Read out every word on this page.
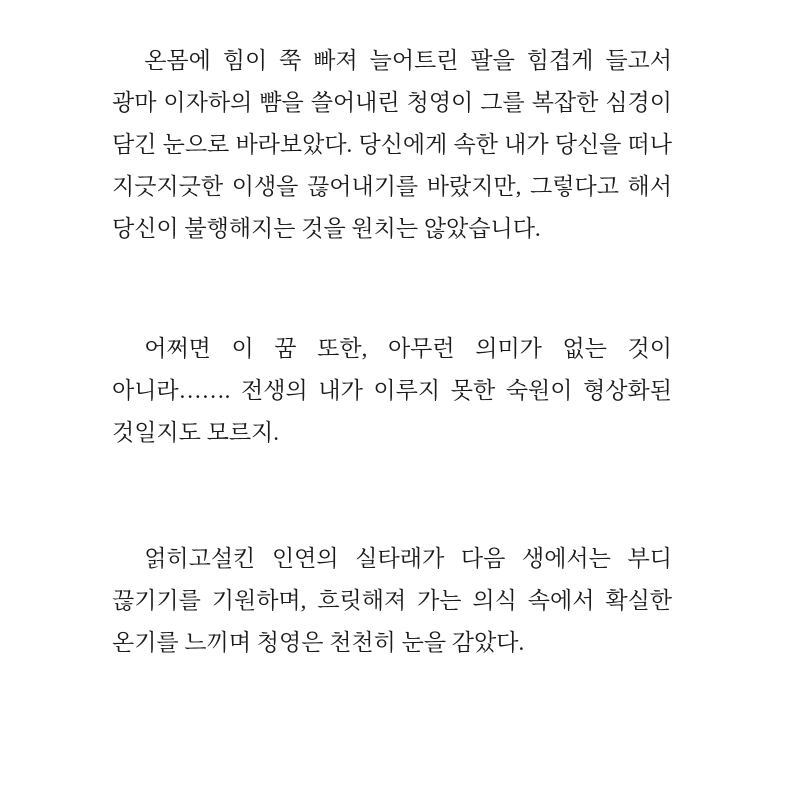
온몸에 힘이 쭉 빠져 늘어트린 팔을 힘겹게 들고서 광마 이자하의 뺨을 쓸어내린 청영이 그를 복잡한 심경이 담긴 눈으로 바라보았다. 당신에게 속한 내가 당신을 떠나 지긋지긋한 이생을 끊어내기를 바랐지만, 그렇다고 해서 당신이 불행해지는 것을 원치는 않았습니다.

어쩌면 이 꿈 또한, 아무런 의미가 없는 것이 아니라……. 전생의 내가 이루지 못한 숙원이 형상화된 것일지도 모르지.

얽히고설킨 인연의 실타래가 다음 생에서는 부디 끊기기를 기원하며, 흐릿해져 가는 의식 속에서 확실한 온기를 느끼며 청영은 천천히 눈을 감았다.
